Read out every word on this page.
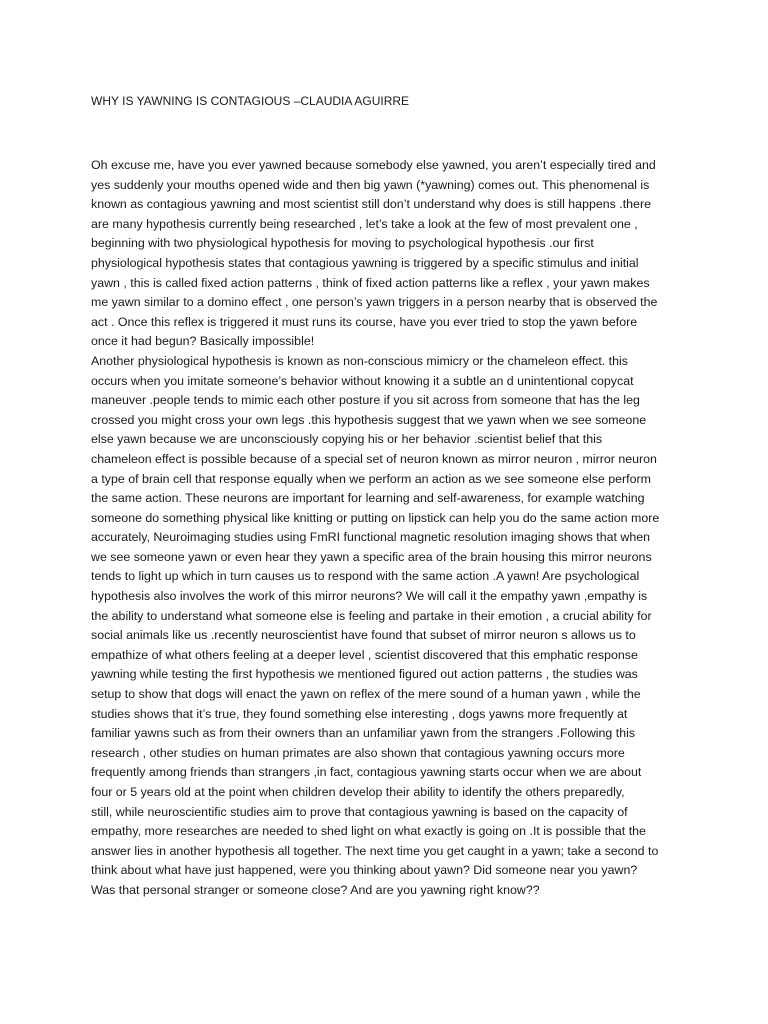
WHY IS YAWNING IS CONTAGIOUS –CLAUDIA AGUIRRE
Oh excuse me, have you ever yawned because somebody else yawned, you aren’t especially tired and
yes suddenly your mouths opened wide and then big yawn (*yawning) comes out. This phenomenal is
known as contagious yawning and most scientist still don’t understand why does is still happens .there
are many hypothesis currently being researched , let’s take a look at the few of most prevalent one ,
beginning with two physiological hypothesis for moving to psychological hypothesis .our first
physiological hypothesis states that contagious yawning is triggered by a specific stimulus and initial
yawn , this is called fixed action patterns , think of fixed action patterns like a reflex , your yawn makes
me yawn similar to a domino effect , one person’s yawn triggers in a person nearby that is observed the
act . Once this reflex is triggered it must runs its course, have you ever tried to stop the yawn before
once it had begun? Basically impossible!
Another physiological hypothesis is known as non-conscious mimicry or the chameleon effect. this
occurs when you imitate someone’s behavior without knowing it a subtle an d unintentional copycat
maneuver .people tends to mimic each other posture if you sit across from someone that has the leg
crossed you might cross your own legs .this hypothesis suggest that we yawn when we see someone
else yawn because we are unconsciously copying his or her behavior .scientist belief that this
chameleon effect is possible because of a special set of neuron known as mirror neuron , mirror neuron
a type of brain cell that response equally when we perform an action as we see someone else perform
the same action. These neurons are important for learning and self-awareness, for example watching
someone do something physical like knitting or putting on lipstick can help you do the same action more
accurately, Neuroimaging studies using FmRI functional magnetic resolution imaging shows that when
we see someone yawn or even hear they yawn a specific area of the brain housing this mirror neurons
tends to light up which in turn causes us to respond with the same action .A yawn! Are psychological
hypothesis also involves the work of this mirror neurons? We will call it the empathy yawn ,empathy is
the ability to understand what someone else is feeling and partake in their emotion , a crucial ability for
social animals like us .recently neuroscientist have found that subset of mirror neuron s allows us to
empathize of what others feeling at a deeper level , scientist discovered that this emphatic response
yawning while testing the first hypothesis we mentioned figured out action patterns , the studies was
setup to show that dogs will enact the yawn on reflex of the mere sound of a human yawn , while the
studies shows that it’s true, they found something else interesting , dogs yawns more frequently at
familiar yawns such as from their owners than an unfamiliar yawn from the strangers .Following this
research , other studies on human primates are also shown that contagious yawning occurs more
frequently among friends than strangers ,in fact, contagious yawning starts occur when we are about
four or 5 years old at the point when children develop their ability to identify the others preparedly,
still, while neuroscientific studies aim to prove that contagious yawning is based on the capacity of
empathy, more researches are needed to shed light on what exactly is going on .It is possible that the
answer lies in another hypothesis all together. The next time you get caught in a yawn; take a second to
think about what have just happened, were you thinking about yawn? Did someone near you yawn?
Was that personal stranger or someone close? And are you yawning right know??
